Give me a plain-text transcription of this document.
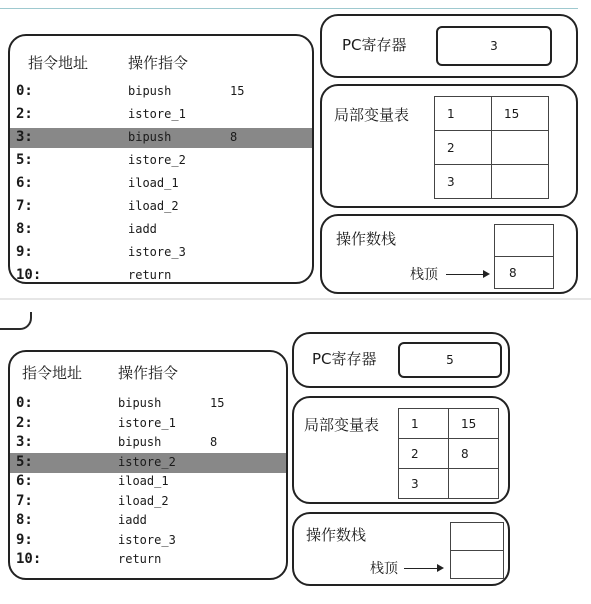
指令地址	操作指令
0:	bipush	15
2:	istore_1
3:	bipush	8
5:	istore_2
6:	iload_1
7:	iload_2
8:	iadd
9:	istore_3
10:	return
PC寄存器	3
局部变量表	1	15
2	
3	
操作数栈
8
栈顶
指令地址 操作指令
0:	bipush	15
2:	istore_1
3:	bipush	8
5:	istore_2
6:	iload_1
7:	iload_2
8:	iadd
9:	istore_3
10:	return
PC寄存器	5
局部变量表	1	15
2	8
3	
操作数栈
栈顶
